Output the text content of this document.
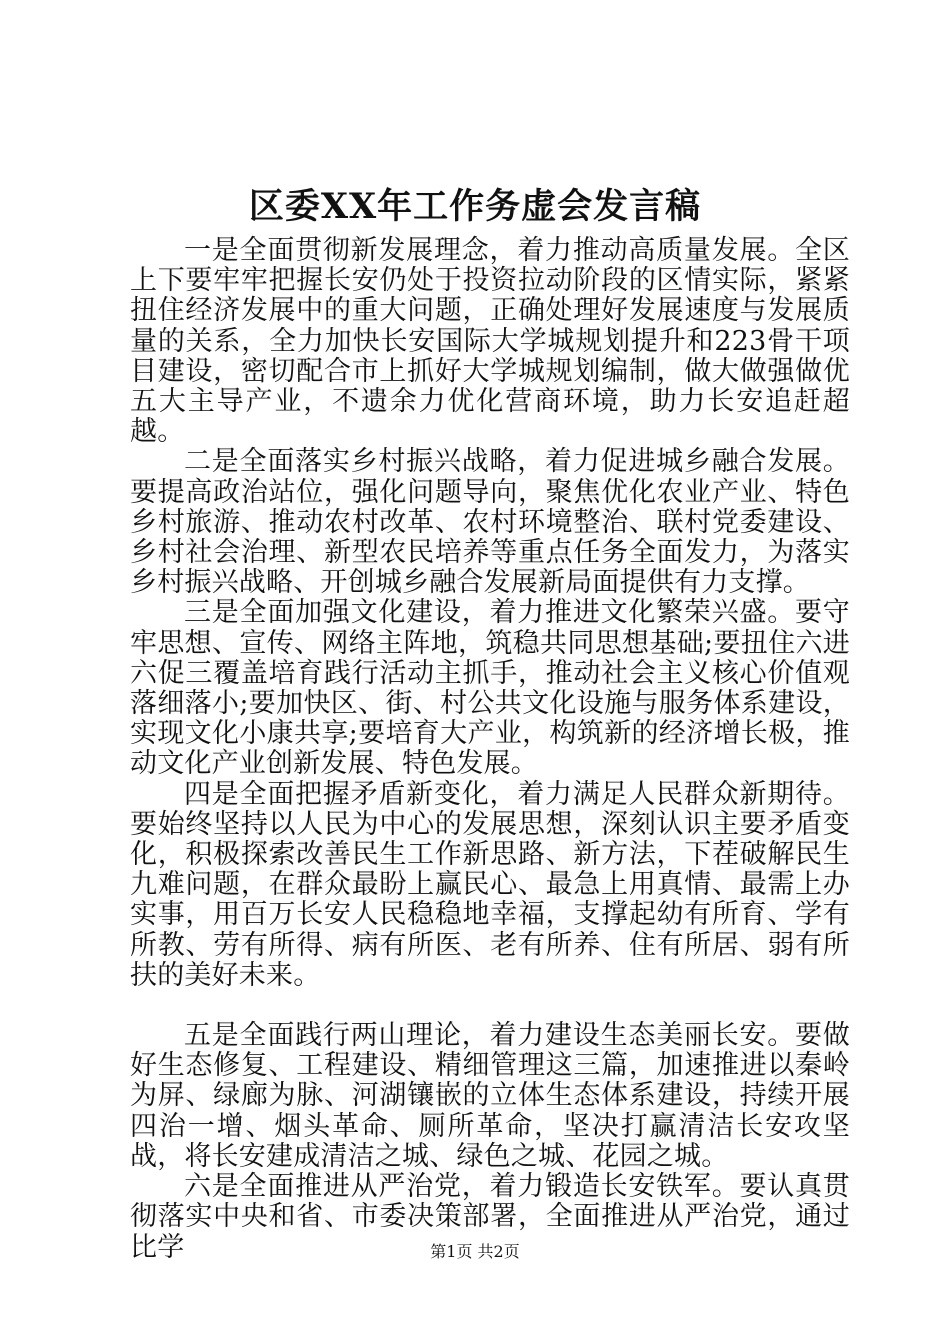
区委XX年工作务虚会发言稿

一是全面贯彻新发展理念，着力推动高质量发展。全区上下要牢牢把握长安仍处于投资拉动阶段的区情实际，紧紧扭住经济发展中的重大问题，正确处理好发展速度与发展质量的关系，全力加快长安国际大学城规划提升和223骨干项目建设，密切配合市上抓好大学城规划编制，做大做强做优五大主导产业，不遗余力优化营商环境，助力长安追赶超越。

二是全面落实乡村振兴战略，着力促进城乡融合发展。要提高政治站位，强化问题导向，聚焦优化农业产业、特色乡村旅游、推动农村改革、农村环境整治、联村党委建设、乡村社会治理、新型农民培养等重点任务全面发力，为落实乡村振兴战略、开创城乡融合发展新局面提供有力支撑。

三是全面加强文化建设，着力推进文化繁荣兴盛。要守牢思想、宣传、网络主阵地，筑稳共同思想基础;要扭住六进六促三覆盖培育践行活动主抓手，推动社会主义核心价值观落细落小;要加快区、街、村公共文化设施与服务体系建设，实现文化小康共享;要培育大产业，构筑新的经济增长极，推动文化产业创新发展、特色发展。

四是全面把握矛盾新变化，着力满足人民群众新期待。要始终坚持以人民为中心的发展思想，深刻认识主要矛盾变化，积极探索改善民生工作新思路、新方法，下茬破解民生九难问题，在群众最盼上赢民心、最急上用真情、最需上办实事，用百万长安人民稳稳地幸福，支撑起幼有所育、学有所教、劳有所得、病有所医、老有所养、住有所居、弱有所扶的美好未来。

五是全面践行两山理论，着力建设生态美丽长安。要做好生态修复、工程建设、精细管理这三篇，加速推进以秦岭为屏、绿廊为脉、河湖镶嵌的立体生态体系建设，持续开展四治一增、烟头革命、厕所革命，坚决打赢清洁长安攻坚战，将长安建成清洁之城、绿色之城、花园之城。

六是全面推进从严治党，着力锻造长安铁军。要认真贯彻落实中央和省、市委决策部署，全面推进从严治党，通过比学	第1页 共2页
